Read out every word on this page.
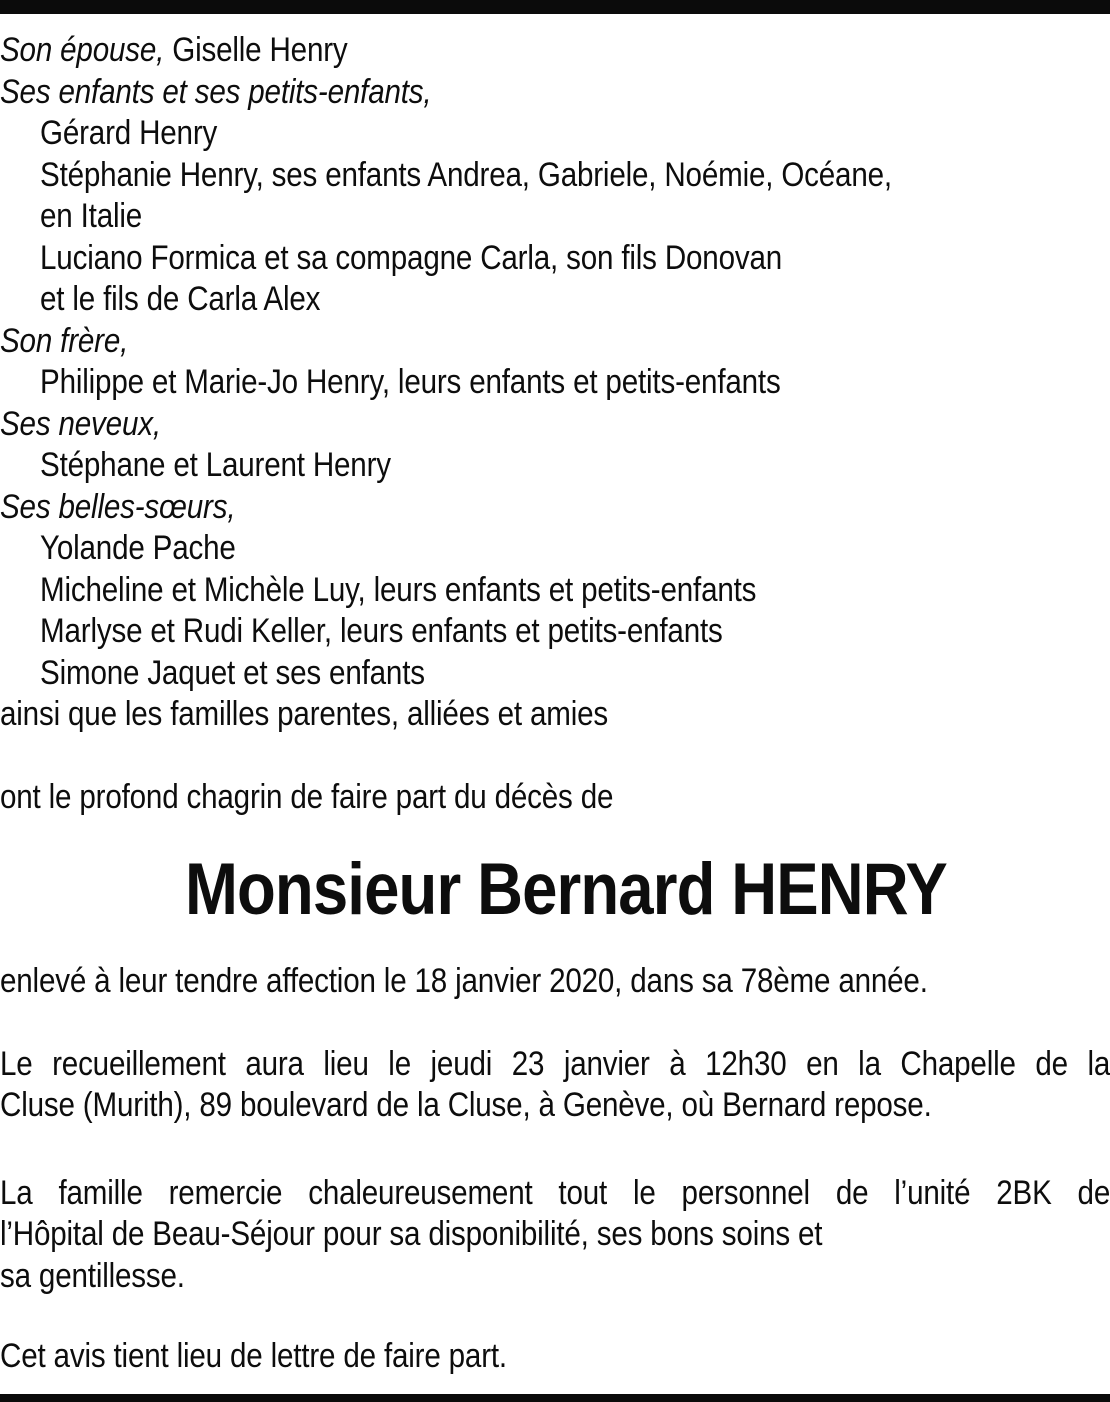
Son épouse, Giselle Henry
Ses enfants et ses petits-enfants,
Gérard Henry
Stéphanie Henry, ses enfants Andrea, Gabriele, Noémie, Océane,
en Italie
Luciano Formica et sa compagne Carla, son fils Donovan
et le fils de Carla Alex
Son frère,
Philippe et Marie-Jo Henry, leurs enfants et petits-enfants
Ses neveux,
Stéphane et Laurent Henry
Ses belles-sœurs,
Yolande Pache
Micheline et Michèle Luy, leurs enfants et petits-enfants
Marlyse et Rudi Keller, leurs enfants et petits-enfants
Simone Jaquet et ses enfants
ainsi que les familles parentes, alliées et amies

ont le profond chagrin de faire part du décès de

Monsieur Bernard HENRY

enlevé à leur tendre affection le 18 janvier 2020, dans sa 78ème année.

Le recueillement aura lieu le jeudi 23 janvier à 12h30 en la Chapelle de la
Cluse (Murith), 89 boulevard de la Cluse, à Genève, où Bernard repose.
La famille remercie chaleureusement tout le personnel de l’unité 2BK de
l’Hôpital de Beau-Séjour pour sa disponibilité, ses bons soins et
sa gentillesse.

Cet avis tient lieu de lettre de faire part.
